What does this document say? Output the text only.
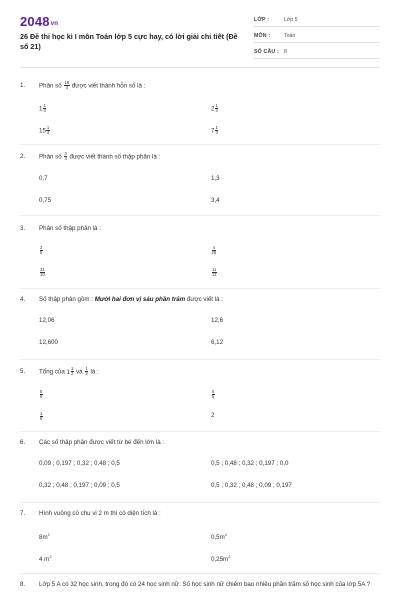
2048vn
26 Đề thi học kì I môn Toán lớp 5 cực hay, có lời giải chi tiết (Đề số 21)
LỚP :	Lớp 5
MÔN :	Toán
SỐ CÂU : 8
1. Phân số $\frac{19}{4}$ được viết thành hỗn số là :
$1 \frac{1}{4}$	$2 \frac{1}{4}$
$15 \frac{1}{4}$	$7 \frac{1}{4}$
2. Phân số $\frac{3}{4}$ được viết thành số thập phân là :
0,7	1,3
0,75	3,4
3. Phân số thập phân là :
$\frac{3}{5}$	$\frac{4}{25}$
$\frac{31}{10}$	$\frac{11}{12}$
4. Số thập phân gồm : Mười hai đơn vị sáu phần trăm được viết là :
12,06	12,6
12,600	6,12
5. Tổng của $1 \frac{1}{2}$ và $\frac{1}{3}$ là :
$\frac{5}{6}$	$\frac{6}{5}$
$\frac{1}{6}$	2
6. Các số thập phân được viết từ bé đến lớn là :
0,09 ; 0,197 ; 0,32 ; 0,48 ; 0,5	0,5 ; 0,48 ; 0,32 ; 0,197 ; 0,0
0,32 ; 0,48 ; 0,197 ; 0,09 ; 0,5	0,5 ; 0,32 ; 0,48 ; 0,09 ; 0,197
7. Hình vuông có chu vi 2 m thì có diện tích là :
$8m^2$	$0,5m^2$
4 $m^2$	$0,25m^2$
8. Lớp 5 A có 32 học sinh, trong đó có 24 học sinh nữ. Số học sinh nữ chiếm bao nhiêu phần trăm số học sinh của lớp 5A ?
